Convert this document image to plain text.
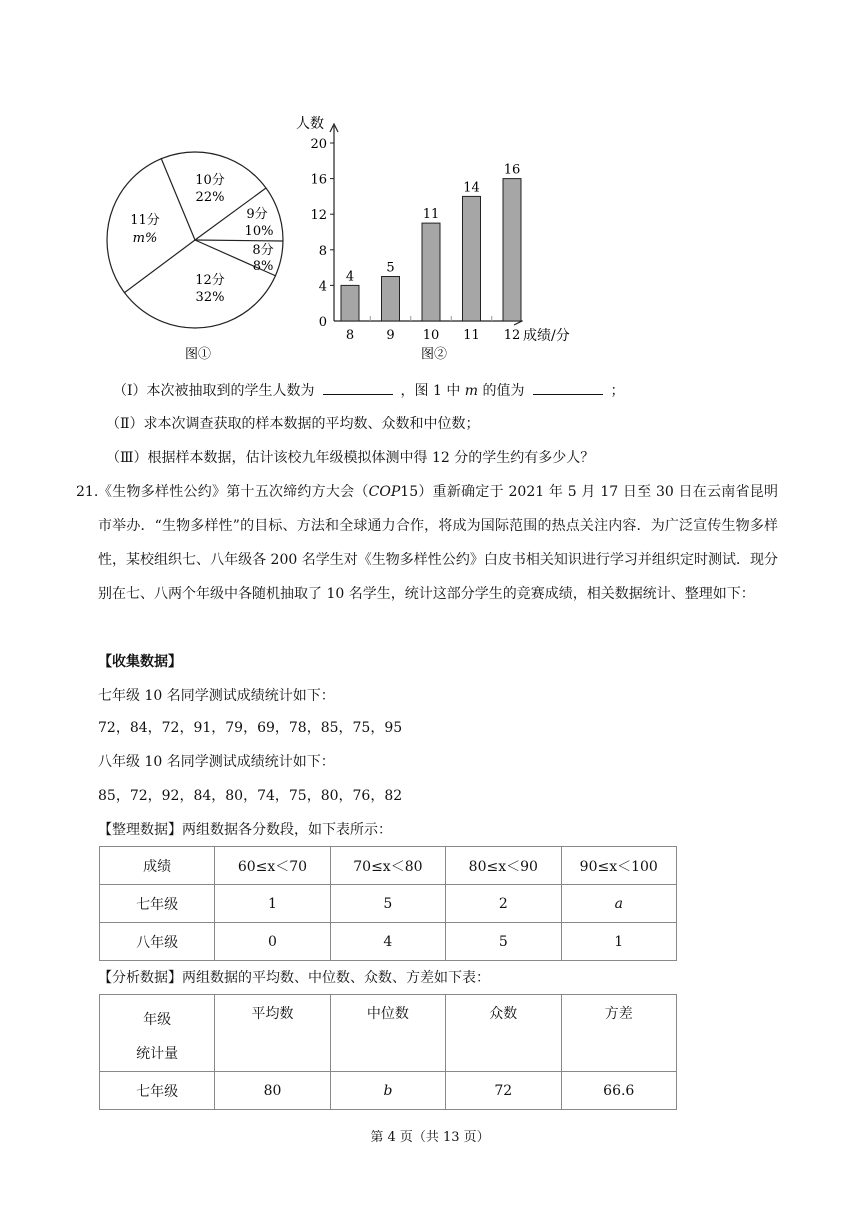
10分
22%
9分
10%
8分
8%
12分
32%
11分
m%
图①
人数
成绩/分
图②
0
4
8
12
16
20
4
8
5
9
11
10
14
11
16
12
（Ⅰ）本次被抽取到的学生人数为	，图 1 中 m 的值为	；
（Ⅱ）求本次调查获取的样本数据的平均数、众数和中位数；
（Ⅲ）根据样本数据，估计该校九年级模拟体测中得 12 分的学生约有多少人？
21. 《生物多样性公约》第十五次缔约方大会（COP15）重新确定于 2021 年 5 月 17 日至 30 日在云南省昆明市举办．“生物多样性”的目标、方法和全球通力合作，将成为国际范围的热点关注内容．为广泛宣传生物多样性，某校组织七、八年级各 200 名学生对《生物多样性公约》白皮书相关知识进行学习并组织定时测试．现分别在七、八两个年级中各随机抽取了 10 名学生，统计这部分学生的竞赛成绩，相关数据统计、整理如下：
【收集数据】
七年级 10 名同学测试成绩统计如下：
72，84，72，91，79，69，78，85，75，95
八年级 10 名同学测试成绩统计如下：
85，72，92，84，80，74，75，80，76，82
【整理数据】两组数据各分数段，如下表所示：
成绩	60≤x＜70	70≤x＜80	80≤x＜90	90≤x＜100
七年级	1	5	2	a
八年级	0	4	5	1
【分析数据】两组数据的平均数、中位数、众数、方差如下表：
年级
统计量	平均数	中位数	众数	方差
七年级	80	b	72	66.6
第 4 页（共 13 页）
